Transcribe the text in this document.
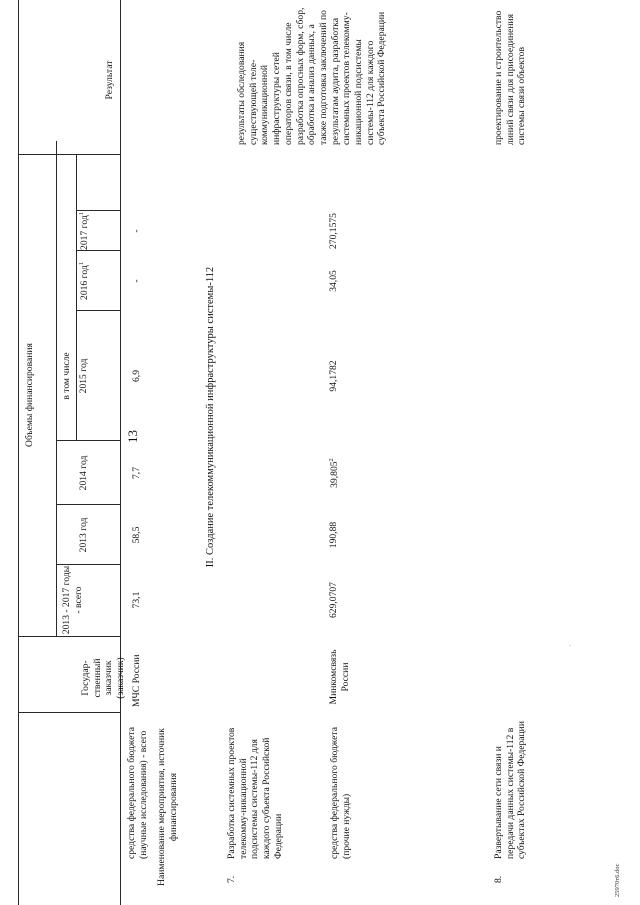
13
Наименование мероприятия, источник финансирования
Государ-ственный заказчик (заказчик)
Объемы финансирования
2013 - 2017 годы - всего
2013 год
2014 год
в том числе 2015 год
2016 год$^1$
2017 год$^1$
Результат
средства федерального бюджета (научные исследования) - всего
МЧС России
73,1
58,5
7,7
6,9
-
-
II. Создание телекоммуникационной инфраструктуры системы-112
7.
Разработка системных проектов телекомму-никационной подсистемы системы-112 для каждого субъекта Российской Федерации
результаты обследования существующей теле-коммуникационной инфраструктуры сетей операторов связи, в том числе разработка опросных форм, сбор, обработка и анализ данных, а также подготовка заключений по результатам аудита, разработка системных проектов телекомму-никационной подсистемы системы-112 для каждого субъекта Российской Федерации
средства федерального бюджета (прочие нужды)
Минкомсвязь России
629,0707
190,88
39,805$^2$
94,1782
34,05
270,1575
8.
Развертывание сети связи и передачи данных системы-112 в субъектах Российской Федерации
проектирование и строительство линий связи для присоединения системы связи объектов
·
25970т6.doc
